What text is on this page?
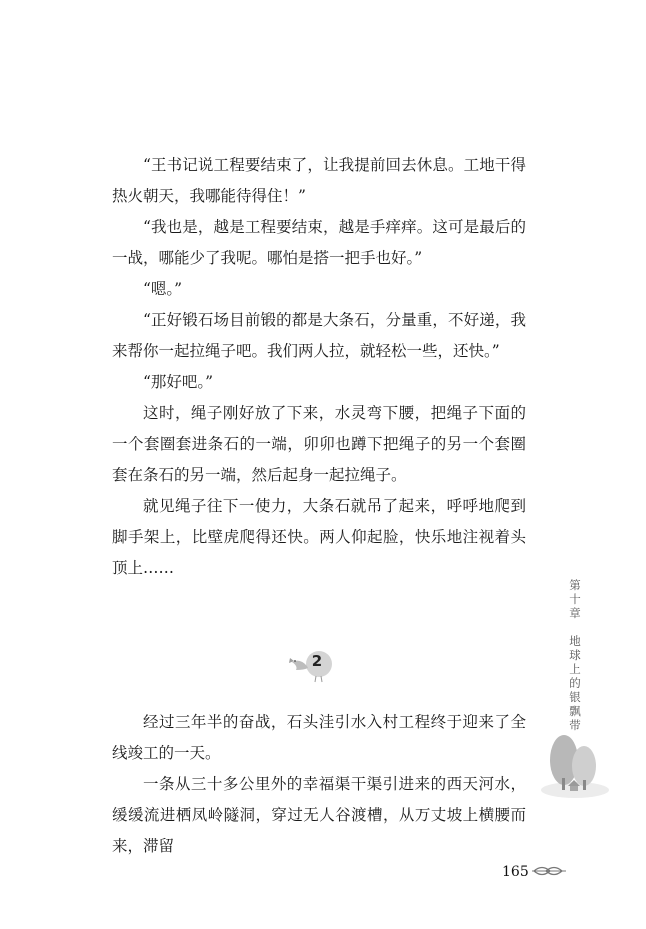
“王书记说工程要结束了，让我提前回去休息。工地干得热火朝天，我哪能待得住！”

“我也是，越是工程要结束，越是手痒痒。这可是最后的一战，哪能少了我呢。哪怕是搭一把手也好。”

“嗯。”

“正好锻石场目前锻的都是大条石，分量重，不好递，我来帮你一起拉绳子吧。我们两人拉，就轻松一些，还快。”

“那好吧。”

这时，绳子刚好放了下来，水灵弯下腰，把绳子下面的一个套圈套进条石的一端，卯卯也蹲下把绳子的另一个套圈套在条石的另一端，然后起身一起拉绳子。

就见绳子往下一使力，大条石就吊了起来，呼呼地爬到脚手架上，比壁虎爬得还快。两人仰起脸，快乐地注视着头顶上……

第
十
章
地
球
上
的
银
飘
带
2

经过三年半的奋战，石头洼引水入村工程终于迎来了全线竣工的一天。

一条从三十多公里外的幸福渠干渠引进来的西天河水，缓缓流进栖凤岭隧洞，穿过无人谷渡槽，从万丈坡上横腰而来，滞留

165
